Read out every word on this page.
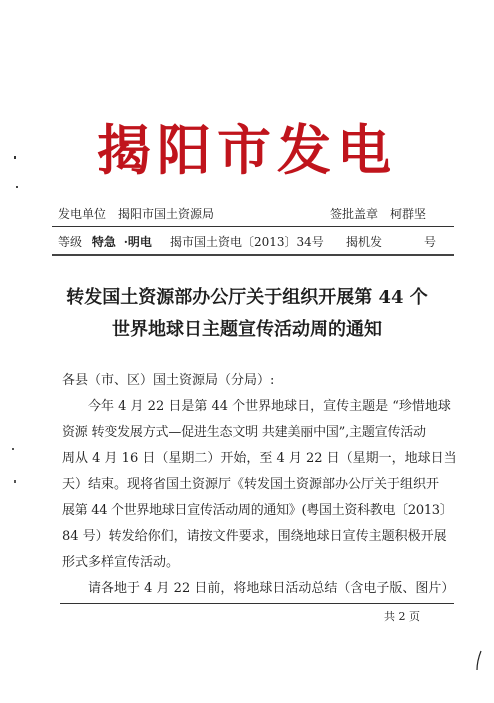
揭阳市发电
发电单位　揭阳市国土资源局	签批盖章　柯群坚
等级 特急 ·明电 揭市国土资电〔2013〕34号 揭机发	号
转发国土资源部办公厅关于组织开展第 44 个
世界地球日主题宣传活动周的通知
各县（市、区）国土资源局（分局）:
今年 4 月 22 日是第 44 个世界地球日，宣传主题是 “珍惜地球
资源 转变发展方式—促进生态文明 共建美丽中国”,主题宣传活动
周从 4 月 16 日（星期二）开始，至 4 月 22 日（星期一，地球日当
天）结束。现将省国土资源厅《转发国土资源部办公厅关于组织开
展第 44 个世界地球日宣传活动周的通知》(粤国土资科教电〔2013〕
84 号）转发给你们，请按文件要求，围绕地球日宣传主题积极开展
形式多样宣传活动。
请各地于 4 月 22 日前，将地球日活动总结（含电子版、图片）
共 2 页
